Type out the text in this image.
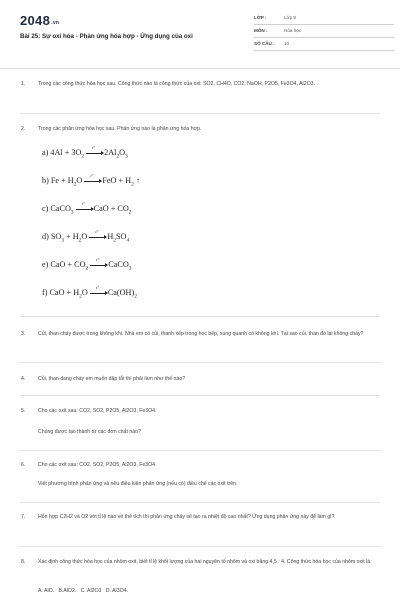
2048.vn
Bài 25: Sự oxi hóa - Phản ứng hóa hợp - Ứng dụng của oxi
LỚP :	Lớp 8
MÔN :	Hóa học
SỐ CÂU : 10
1. Trong các công thức hóa học sau. Công thức nào là công thức của oxi: SO2, CH4O, CO2, NaOH, P2O5, Fe3O4, Al2O3.
2. Trong các phản ứng hóa học sau. Phản ứng nào là phản ứng hóa hợp.
a) $4Al + 3O_2$
t°
$2Al_2O_3$
b) $Fe + H_2O$
t°
FeO + $H_2$ ↑
c) CaCO$_3$
t°
CaO + $CO_2$
d) $SO_3 + H_2O$
t°
$H_2SO_4$
e) CaO + $CO_2$
t°
CaCO$_3$
f) CaO + $H_2O$
t°
$Ca(OH)_2$
3. Củi, than cháy được trong không khí. Nhà em có củi, thanh xếp trong học bếp, xung quanh có không khí. Tại sao củi, than đó lại không cháy?
4. Củi, than đang cháy em muốn dập tắt thì phải làm như thế nào?
5. Cho các oxit sau: CO2, SO2, P2O5, Al2O3, Fe3O4.
Chúng được tạo thành từ các đơn chất nào?
6. Cho các oxit sau: CO2, SO2, P2O5, Al2O3, Fe3O4.
Viết phương trình phản ứng và nêu điều kiện phản ứng (nếu có) điều chế các oxit trên.
7. Hỗn hợp C2H2 và O2 với tỉ lệ nào về thể tích thì phản ứng cháy sẽ tạo ra nhiệt độ cao nhất? Ứng dụng phản ứng này để làm gì?
8. Xác định công thức hóa học của nhôm oxit, biết tỉ lệ khối lượng của hai nguyên tố nhôm và oxi bằng 4,5 : 4. Công thức hóa học của nhôm oxit là:
A. AlO.   B.AlO2.   C. Al2O3   D. Al3O4.
